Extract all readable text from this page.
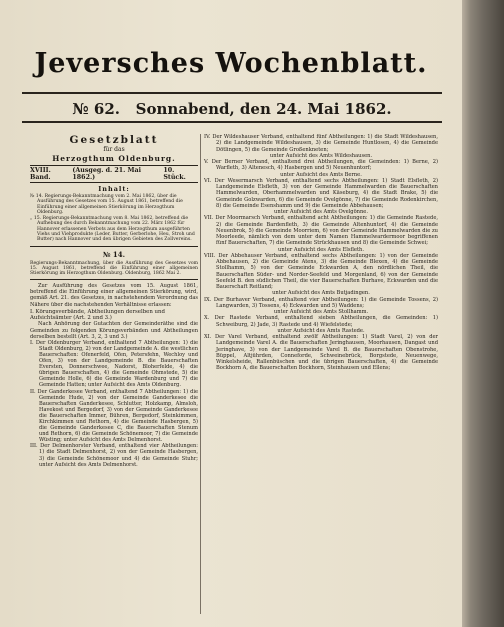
Jeversches Wochenblatt.
№ 62. Sonnabend, den 24. Mai 1862.
Gesetzblatt
für das
Herzogthum Oldenburg.
XVIII. Band.
(Ausgeg. d. 21. Mai 1862.)
10. Stück.
Inhalt:
№ 14. Regierungs-Bekanntmachung vom 2. Mai 1862, über die Ausführung des Gesetzes vom 15. August 1861, betreffend die Einführung einer allgemeinen Stierkörung im Herzogthum Oldenburg.
„ 15. Regierungs-Bekanntmachung vom 8. Mai 1862, betreffend die Aufhebung des durch Bekanntmachung vom 22. März 1862 für Hannover erlassenen Verbots aus dem Herzogthum ausgeführten Viehs und Viehprodukte (Leder, Butter, Gerberlohe, Heu, Stroh und Butter) nach Hannover und den übrigen Gebieten des Zollvereins.
№ 14.
Regierungs-Bekanntmachung, über die Ausführung des Gesetzes vom 15. August 1861, betreffend die Einführung einer allgemeinen Stierkörung im Herzogthum Oldenburg. Oldenburg, 1862 Mai 2.
Zur Ausführung des Gesetzes vom 15. August 1861, betreffend die Einführung einer allgemeinen Stierkörung, wird, gemäß Art. 21. des Gesetzes, in nachstehendem Verordnung das Nähere über die nachstehenden Verhältnisse erlassen:
I. Körungsverbände, Abtheilungen derselben und Aufsichtsämter (Art. 2 und 3.)
Nach Anhörung der Gutachten der Gemeinderäthe sind die Gemeinden zu folgenden Körungsverbänden und Abtheilungen derselben bestellt (Art. 3, 2, 3 und 3.)
I. Der Oldenburger Verband, enthaltend 7 Abtheilungen: 1) die Stadt Oldenburg, 2) von der Landgemeinde A. die westlichen Bauerschaften: Ofenerfeld, Ofen, Petersfehn, Wechloy und Ofen, 3) von der Landgemeinde B. die Bauerschaften Eversten, Donnerschwee, Nadorst, Bloherfelde, 4) die übrigen Bauerschaften, 4) die Gemeinde Ohmstede, 5) die Gemeinde Holle, 6) die Gemeinde Wardenburg und 7) die Gemeinde Hatten; unter Aufsicht des Amts Oldenburg.
II. Der Ganderkesee Verband, enthaltend 7 Abtheilungen: 1) die Gemeinde Hude, 2) von der Gemeinde Ganderkesee die Bauerschaften Ganderkesee, Schlutter, Holzkamp, Almsloh, Havekost und Bergedorf, 3) von der Gemeinde Ganderkesee die Bauerschaften Immer, Bühren, Bergedorf, Steinkimmen, Kirchkimmen und Rethorn, 4) die Gemeinde Hasbergen, 5) die Gemeinde Ganderkesee C, die Bauerschaften Stenum und Rethorn, 6) die Gemeinde Schönemoor, 7) die Gemeinde Wüsting; unter Aufsicht des Amts Delmenhorst.
III. Der Delmenhorster Verband, enthaltend vier Abtheilungen: 1) die Stadt Delmenhorst, 2) von der Gemeinde Hasbergen, 3) die Gemeinde Schönemoor und 4) die Gemeinde Stuhr; unter Aufsicht des Amts Delmenhorst.
IV. Der Wildeshauser Verband, enthaltend fünf Abtheilungen: 1) die Stadt Wildeshausen, 2) die Landgemeinde Wildeshausen, 3) die Gemeinde Huntlosen, 4) die Gemeinde Dötlingen, 5) die Gemeinde Großenkneten;
unter Aufsicht des Amts Wildeshausen.
V. Der Berner Verband, enthaltend drei Abtheilungen, die Gemeinden: 1) Berne, 2) Warfleth, 3) Altenesch, 4) Hasbergen und 5) Neuenhuntorf;
unter Aufsicht des Amts Berne.
VI. Der Wesermarsch Verband, enthaltend sechs Abtheilungen: 1) Stadt Elsfleth, 2) Landgemeinde Elsfleth, 3) von der Gemeinde Hammelwarden die Bauerschaften Hammelwarden, Oberhammelwarden und Käseburg, 4) die Stadt Brake, 5) die Gemeinde Golzwarden, 6) die Gemeinde Ovelgönne, 7) die Gemeinde Rodenkirchen, 8) die Gemeinde Esenshamm und 9) die Gemeinde Abbehausen;
unter Aufsicht des Amts Ovelgönne.
VII. Der Moormarsch Verband, enthaltend acht Abtheilungen: 1) die Gemeinde Rastede, 2) die Gemeinde Bardenfleth, 3) die Gemeinde Altenhuntorf, 4) die Gemeinde Neuenbrok, 5) die Gemeinde Moorriem, 6) von der Gemeinde Hammelwarden die zu Moorleede, nämlich von dem unter dem Namen Hammelwardermoor begriffenen fünf Bauerschaften, 7) die Gemeinde Strückhausen und 8) die Gemeinde Schwei;
unter Aufsicht des Amts Elsfleth.
VIII. Der Abbehauser Verband, enthaltend sechs Abtheilungen: 1) von der Gemeinde Abbehausen, 2) die Gemeinde Atens, 3) die Gemeinde Blexen, 4) die Gemeinde Stollhamm, 5) von der Gemeinde Eckwarden A, den nördlichen Theil, die Bauerschaften Süder- und Norder-Seefeld und Morgenland, 6) von der Gemeinde Seefeld B. den südlichen Theil, die vier Bauerschaften Burhave, Eckwarden und die Bauerschaft Reitland;
unter Aufsicht des Amts Butjadingen.
IX. Der Burhaver Verband, enthaltend vier Abtheilungen: 1) die Gemeinde Tossens, 2) Langwarden, 3) Tossens, 4) Eckwarden und 5) Waddens;
unter Aufsicht des Amts Stollhamm.
X. Der Rastede Verband, enthaltend sieben Abtheilungen, die Gemeinden: 1) Schweiburg, 2) Jade, 3) Rastede und 4) Wiefelstede;
unter Aufsicht des Amts Rastede.
XI. Der Varel Verband, enthaltend zwölf Abtheilungen: 1) Stadt Varel, 2) von der Landgemeinde Varel A. die Bauerschaften Jeringhausen, Moorhausen, Dangast und Jeringhave, 3) von der Landgemeinde Varel B. die Bauerschaften Obenstrohe, Büppel, Altjührden, Conneforde, Schweinebrück, Borgstede, Neuenwege, Winkelsheide, Rallenbüschen und die übrigen Bauerschaften, 4) die Gemeinde Bockhorn A, die Bauerschaften Bockhorn, Steinhausen und Ellens;
